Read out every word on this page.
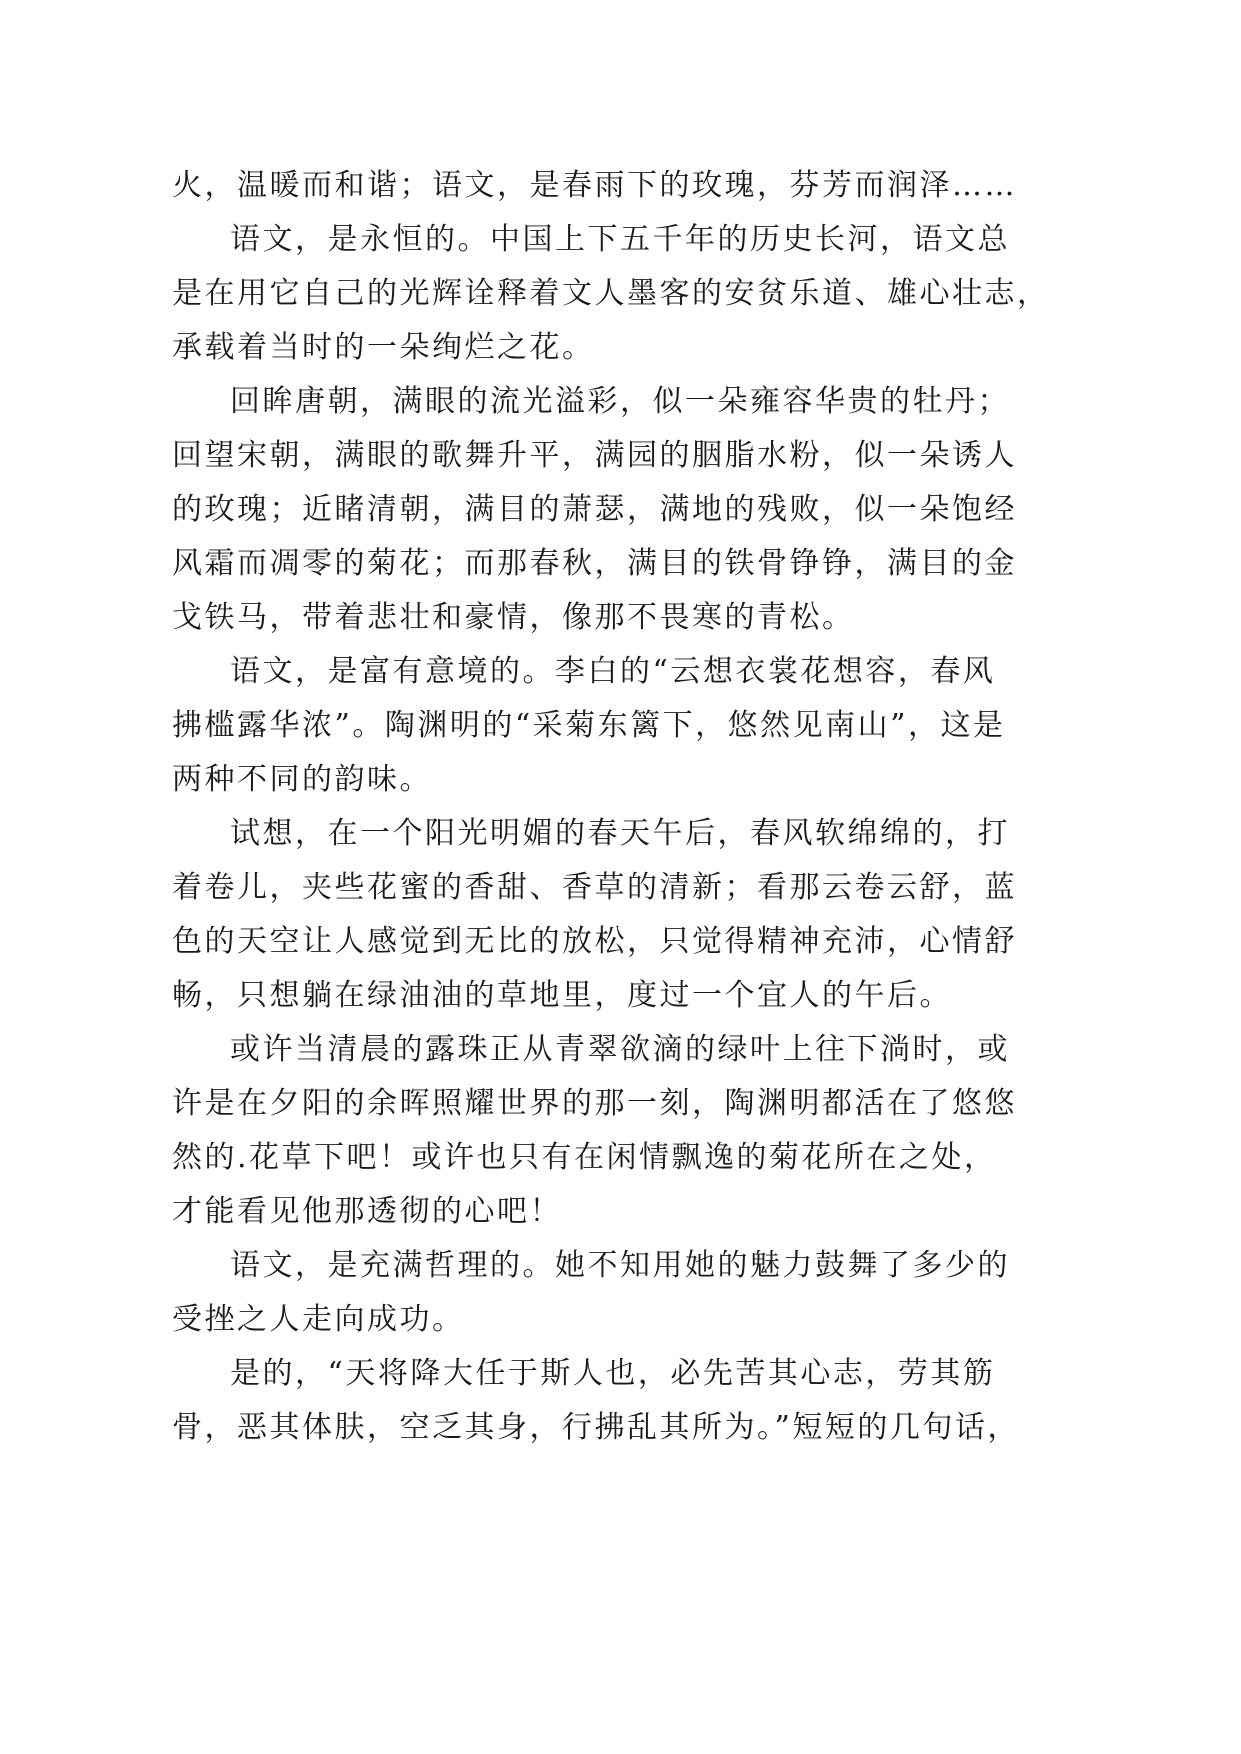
火，温暖而和谐；语文，是春雨下的玫瑰，芬芳而润泽……
语文，是永恒的。中国上下五千年的历史长河，语文总
是在用它自己的光辉诠释着文人墨客的安贫乐道、雄心壮志，
承载着当时的一朵绚烂之花。
回眸唐朝，满眼的流光溢彩，似一朵雍容华贵的牡丹；
回望宋朝，满眼的歌舞升平，满园的胭脂水粉，似一朵诱人
的玫瑰；近睹清朝，满目的萧瑟，满地的残败，似一朵饱经
风霜而凋零的菊花；而那春秋，满目的铁骨铮铮，满目的金
戈铁马，带着悲壮和豪情，像那不畏寒的青松。
语文，是富有意境的。李白的“云想衣裳花想容，春风
拂槛露华浓”。陶渊明的“采菊东篱下，悠然见南山”，这是
两种不同的韵味。
试想，在一个阳光明媚的春天午后，春风软绵绵的，打
着卷儿，夹些花蜜的香甜、香草的清新；看那云卷云舒，蓝
色的天空让人感觉到无比的放松，只觉得精神充沛，心情舒
畅，只想躺在绿油油的草地里，度过一个宜人的午后。
或许当清晨的露珠正从青翠欲滴的绿叶上往下淌时，或
许是在夕阳的余晖照耀世界的那一刻，陶渊明都活在了悠悠
然的.花草下吧！或许也只有在闲情飘逸的菊花所在之处，
才能看见他那透彻的心吧！
语文，是充满哲理的。她不知用她的魅力鼓舞了多少的
受挫之人走向成功。
是的，“天将降大任于斯人也，必先苦其心志，劳其筋
骨，恶其体肤，空乏其身，行拂乱其所为。”短短的几句话，
